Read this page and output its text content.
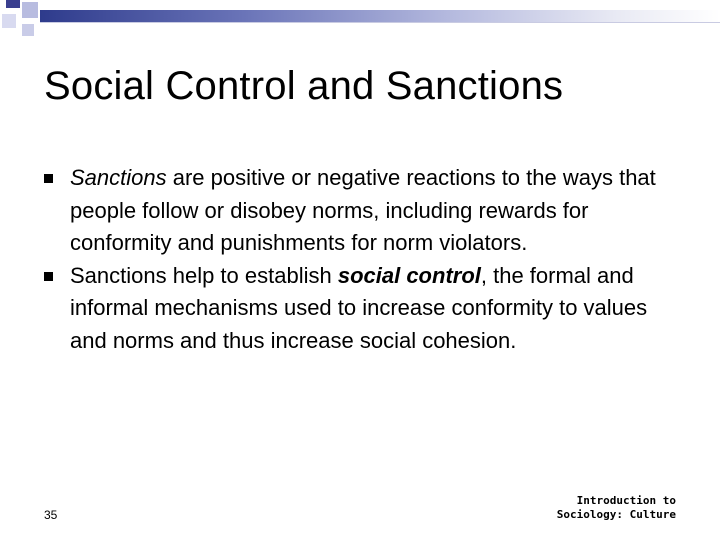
Social Control and Sanctions
Sanctions are positive or negative reactions to the ways that people follow or disobey norms, including rewards for conformity and punishments for norm violators.
Sanctions help to establish social control, the formal and informal mechanisms used to increase conformity to values and norms and thus increase social cohesion.
35
Introduction to
Sociology: Culture
